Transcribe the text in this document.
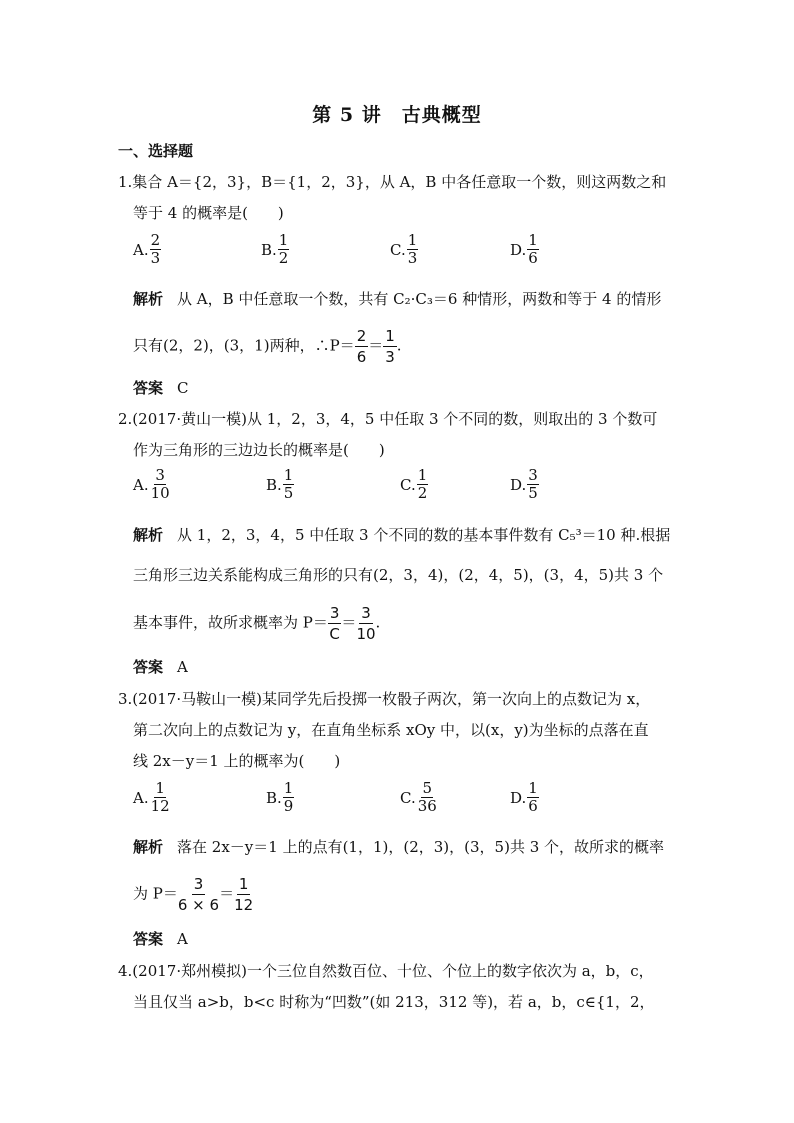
第 5 讲　古典概型
一、选择题
1.集合 A＝{2，3}，B＝{1，2，3}，从 A，B 中各任意取一个数，则这两数之和
等于 4 的概率是(　　)
A. $\frac{2}{3}$	B. $\frac{1}{2}$	C. $\frac{1}{3}$	D. $\frac{1}{6}$
解析 从 A，B 中任意取一个数，共有 C₂·C₃＝6 种情形，两数和等于 4 的情形
只有(2，2)，(3，1)两种，∴P＝ $\frac{2}{6} = \frac{1}{3}$ .
答案 C
2.(2017·黄山一模)从 1，2，3，4，5 中任取 3 个不同的数，则取出的 3 个数可
作为三角形的三边边长的概率是(　　)
A. $\frac{3}{10}$	B. $\frac{1}{5}$	C. $\frac{1}{2}$	D. $\frac{3}{5}$
解析 从 1，2，3，4，5 中任取 3 个不同的数的基本事件数有 C₅³＝10 种.根据
三角形三边关系能构成三角形的只有(2，3，4)，(2，4，5)，(3，4，5)共 3 个
基本事件，故所求概率为 $P= \frac{3}{C} = \frac{3}{10}$ .
答案 A
3.(2017·马鞍山一模)某同学先后投掷一枚骰子两次，第一次向上的点数记为 x，
第二次向上的点数记为 y，在直角坐标系 xOy 中，以(x，y)为坐标的点落在直
线 2x－y＝1 上的概率为(　　)
A. $\frac{1}{12}$	B. $\frac{1}{9}$	C. $\frac{5}{36}$	D. $\frac{1}{6}$
解析 落在 2x－y＝1 上的点有(1，1)，(2，3)，(3，5)共 3 个，故所求的概率
为 $P= \frac{3}{6 \times 6} = \frac{1}{12}$
答案 A
4.(2017·郑州模拟)一个三位自然数百位、十位、个位上的数字依次为 a，b，c，
当且仅当 a>b，b<c 时称为“凹数”(如 213，312 等)，若 a，b，c∈{1，2，
